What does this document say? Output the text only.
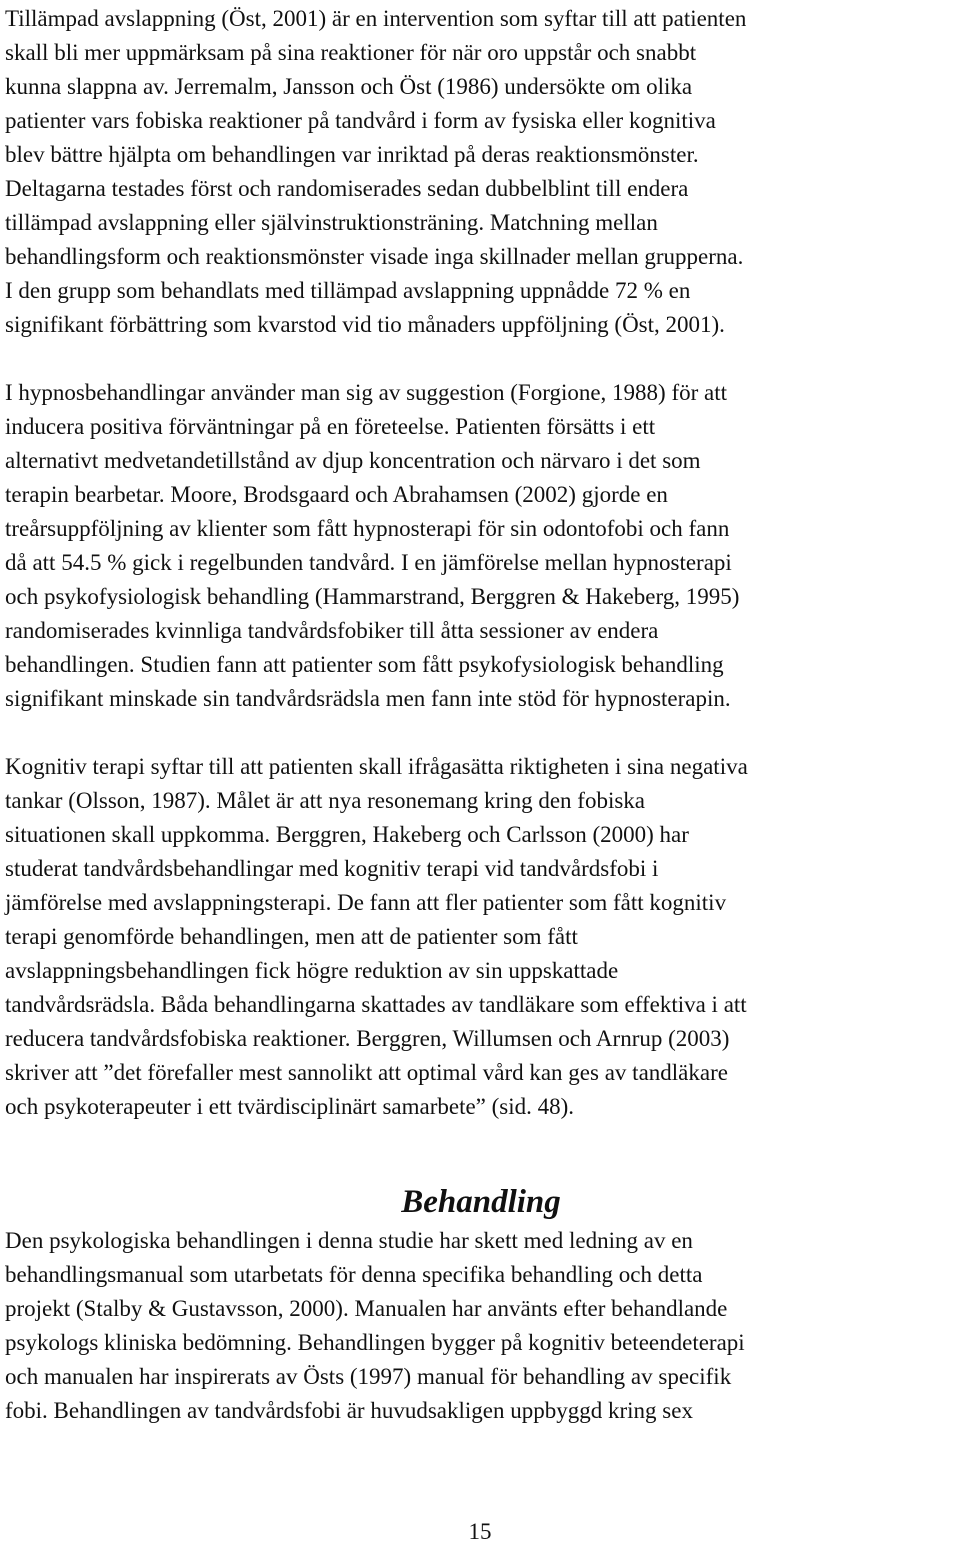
Tillämpad avslappning (Öst, 2001) är en intervention som syftar till att patienten
skall bli mer uppmärksam på sina reaktioner för när oro uppstår och snabbt
kunna slappna av. Jerremalm, Jansson och Öst (1986) undersökte om olika
patienter vars fobiska reaktioner på tandvård i form av fysiska eller kognitiva
blev bättre hjälpta om behandlingen var inriktad på deras reaktionsmönster.
Deltagarna testades först och randomiserades sedan dubbelblint till endera
tillämpad avslappning eller självinstruktionsträning. Matchning mellan
behandlingsform och reaktionsmönster visade inga skillnader mellan grupperna.
I den grupp som behandlats med tillämpad avslappning uppnådde 72 % en
signifikant förbättring som kvarstod vid tio månaders uppföljning (Öst, 2001).

I hypnosbehandlingar använder man sig av suggestion (Forgione, 1988) för att
inducera positiva förväntningar på en företeelse. Patienten försätts i ett
alternativt medvetandetillstånd av djup koncentration och närvaro i det som
terapin bearbetar. Moore, Brodsgaard och Abrahamsen (2002) gjorde en
treårsuppföljning av klienter som fått hypnosterapi för sin odontofobi och fann
då att 54.5 % gick i regelbunden tandvård. I en jämförelse mellan hypnosterapi
och psykofysiologisk behandling (Hammarstrand, Berggren & Hakeberg, 1995)
randomiserades kvinnliga tandvårdsfobiker till åtta sessioner av endera
behandlingen. Studien fann att patienter som fått psykofysiologisk behandling
signifikant minskade sin tandvårdsrädsla men fann inte stöd för hypnosterapin.

Kognitiv terapi syftar till att patienten skall ifrågasätta riktigheten i sina negativa
tankar (Olsson, 1987). Målet är att nya resonemang kring den fobiska
situationen skall uppkomma. Berggren, Hakeberg och Carlsson (2000) har
studerat tandvårdsbehandlingar med kognitiv terapi vid tandvårdsfobi i
jämförelse med avslappningsterapi. De fann att fler patienter som fått kognitiv
terapi genomförde behandlingen, men att de patienter som fått
avslappningsbehandlingen fick högre reduktion av sin uppskattade
tandvårdsrädsla. Båda behandlingarna skattades av tandläkare som effektiva i att
reducera tandvårdsfobiska reaktioner. Berggren, Willumsen och Arnrup (2003)
skriver att ”det förefaller mest sannolikt att optimal vård kan ges av tandläkare
och psykoterapeuter i ett tvärdisciplinärt samarbete” (sid. 48).

Behandling

Den psykologiska behandlingen i denna studie har skett med ledning av en
behandlingsmanual som utarbetats för denna specifika behandling och detta
projekt (Stalby & Gustavsson, 2000). Manualen har använts efter behandlande
psykologs kliniska bedömning. Behandlingen bygger på kognitiv beteendeterapi
och manualen har inspirerats av Östs (1997) manual för behandling av specifik
fobi. Behandlingen av tandvårdsfobi är huvudsakligen uppbyggd kring sex

15
